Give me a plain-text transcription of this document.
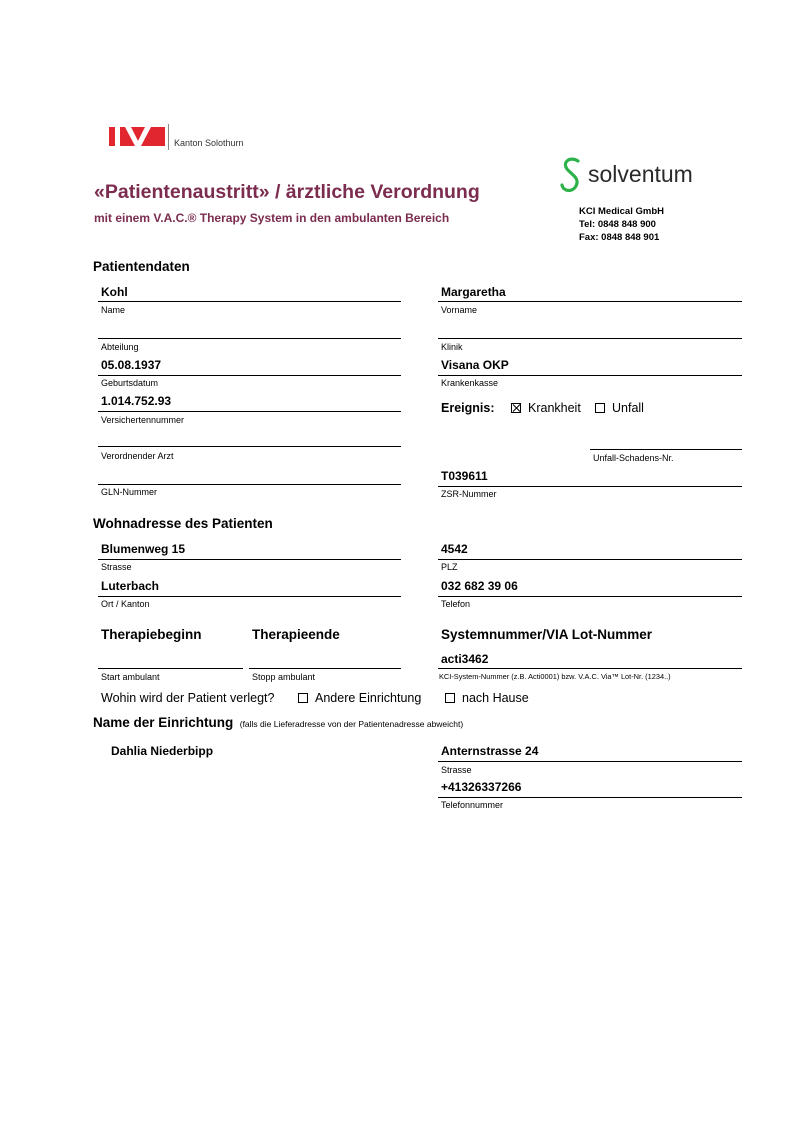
Kanton Solothurn
«Patientenaustritt» / ärztliche Verordnung
mit einem V.A.C.® Therapy System in den ambulanten Bereich
solventum
KCI Medical GmbH
Tel: 0848 848 900
Fax: 0848 848 901
Patientendaten
Kohl
Name
Margaretha
Vorname
Abteilung	Klinik
05.08.1937
Geburtsdatum
Visana OKP
Krankenkasse
1.014.752.93
Versichertennummer
Ereignis:	Krankheit Unfall
Verordnender Arzt	Unfall-Schadens-Nr.
GLN-Nummer
T039611
ZSR-Nummer
Wohnadresse des Patienten
Blumenweg 15
Strasse
4542
PLZ
Luterbach
Ort / Kanton
032 682 39 06
Telefon
Therapiebeginn	Therapieende	Systemnummer/VIA Lot-Nummer
Start ambulant	Stopp ambulant
acti3462
KCI-System-Nummer (z.B. Acti0001) bzw. V.A.C. Via™ Lot-Nr. (1234..)
Wohin wird der Patient verlegt?	Andere Einrichtung	nach Hause
Name der Einrichtung (falls die Lieferadresse von der Patientenadresse abweicht)
Dahlia Niederbipp	Anternstrasse 24
Strasse
+41326337266
Telefonnummer
